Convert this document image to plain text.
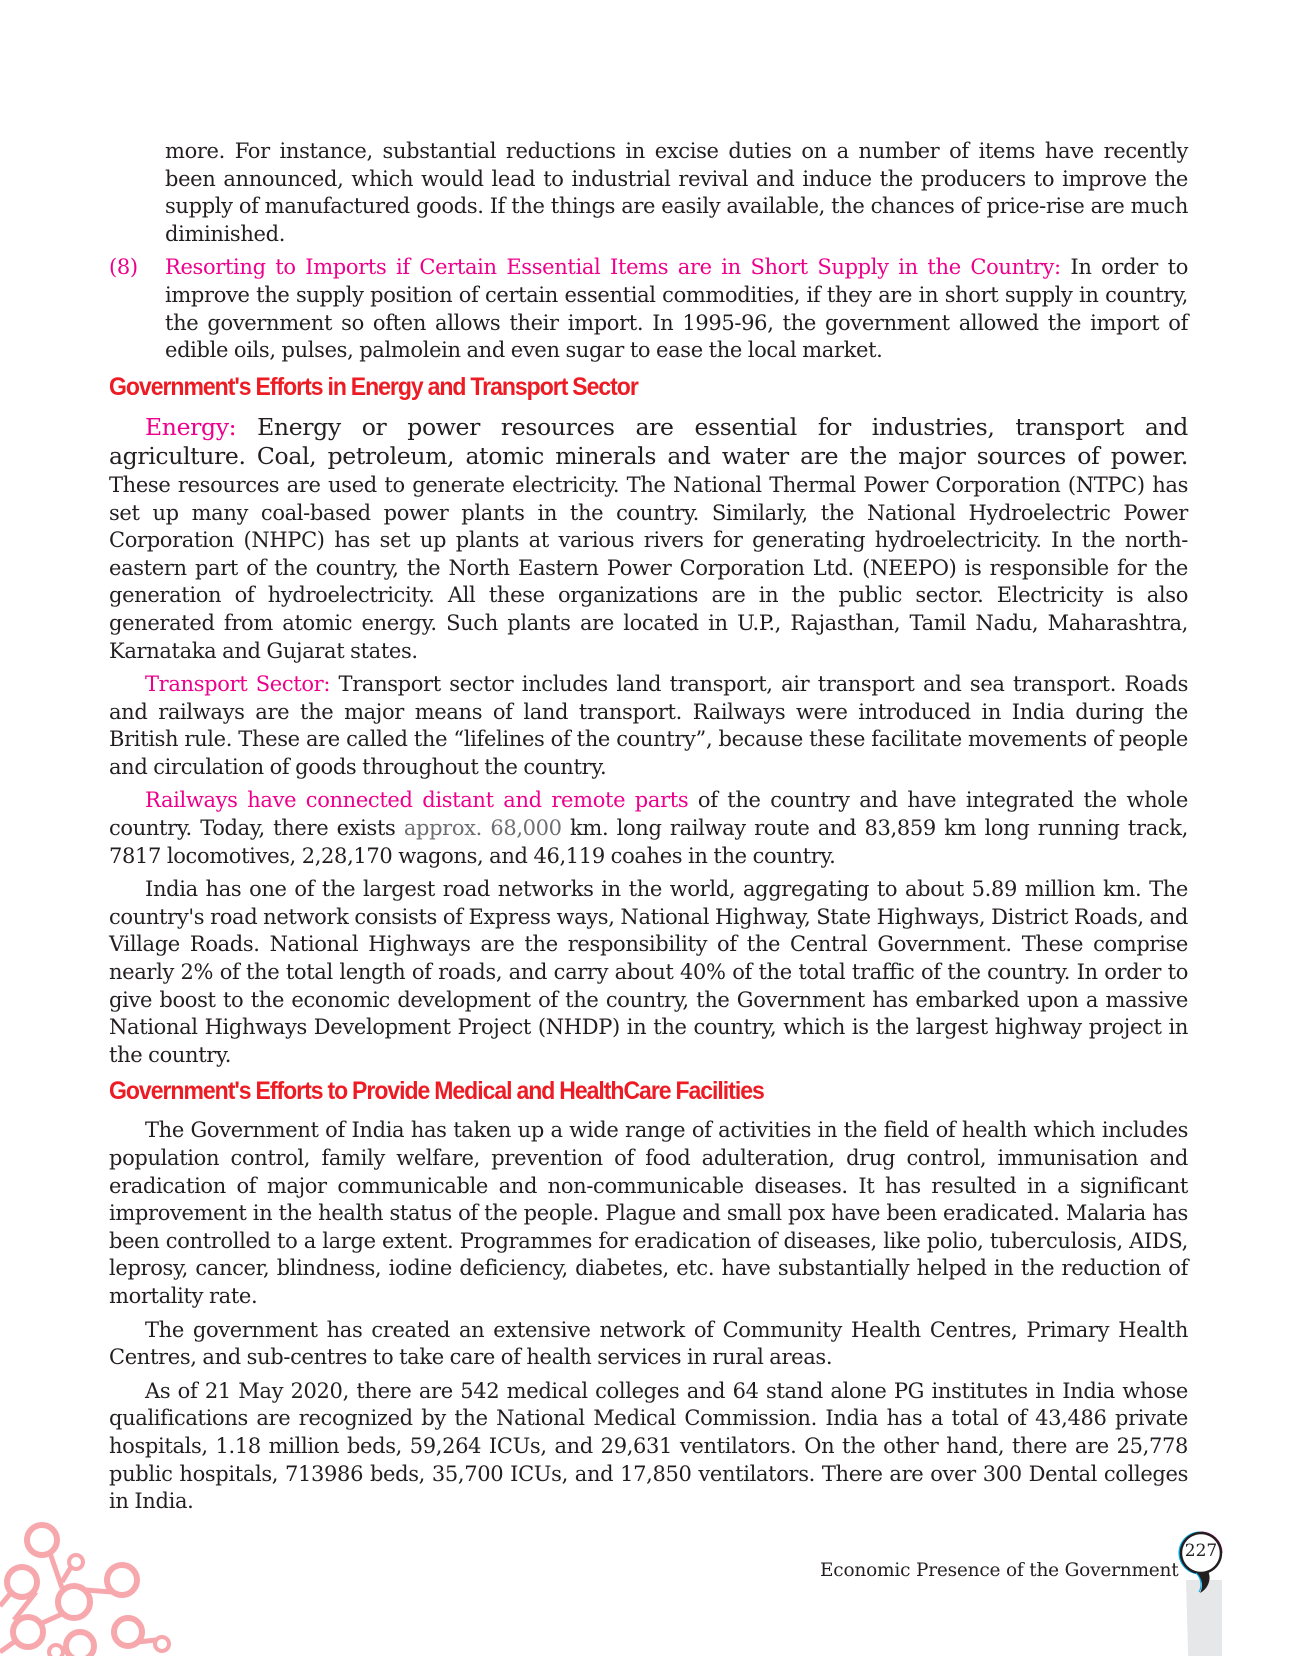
more. For instance, substantial reductions in excise duties on a number of items have recently been announced, which would lead to industrial revival and induce the producers to improve the supply of manufactured goods. If the things are easily available, the chances of price-rise are much diminished.

(8) Resorting to Imports if Certain Essential Items are in Short Supply in the Country: In order to improve the supply position of certain essential commodities, if they are in short supply in country, the government so often allows their import. In 1995-96, the government allowed the import of edible oils, pulses, palmolein and even sugar to ease the local market.

Government's Efforts in Energy and Transport Sector

Energy: Energy or power resources are essential for industries, transport and agriculture. Coal, petroleum, atomic minerals and water are the major sources of power. These resources are used to generate electricity. The National Thermal Power Corporation (NTPC) has set up many coal-based power plants in the country. Similarly, the National Hydroelectric Power Corporation (NHPC) has set up plants at various rivers for generating hydroelectricity. In the north-eastern part of the country, the North Eastern Power Corporation Ltd. (NEEPO) is responsible for the generation of hydroelectricity. All these organizations are in the public sector. Electricity is also generated from atomic energy. Such plants are located in U.P., Rajasthan, Tamil Nadu, Maharashtra, Karnataka and Gujarat states.

Transport Sector: Transport sector includes land transport, air transport and sea transport. Roads and railways are the major means of land transport. Railways were introduced in India during the British rule. These are called the “lifelines of the country”, because these facilitate movements of people and circulation of goods throughout the country.

Railways have connected distant and remote parts of the country and have integrated the whole country. Today, there exists approx. 68,000 km. long railway route and 83,859 km long running track, 7817 locomotives, 2,28,170 wagons, and 46,119 coahes in the country.

India has one of the largest road networks in the world, aggregating to about 5.89 million km. The country's road network consists of Express ways, National Highway, State Highways, District Roads, and Village Roads. National Highways are the responsibility of the Central Government. These comprise nearly 2% of the total length of roads, and carry about 40% of the total traffic of the country. In order to give boost to the economic development of the country, the Government has embarked upon a massive National Highways Development Project (NHDP) in the country, which is the largest highway project in the country.

Government's Efforts to Provide Medical and HealthCare Facilities

The Government of India has taken up a wide range of activities in the field of health which includes population control, family welfare, prevention of food adulteration, drug control, immunisation and eradication of major communicable and non-communicable diseases. It has resulted in a significant improvement in the health status of the people. Plague and small pox have been eradicated. Malaria has been controlled to a large extent. Programmes for eradication of diseases, like polio, tuberculosis, AIDS, leprosy, cancer, blindness, iodine deficiency, diabetes, etc. have substantially helped in the reduction of mortality rate.

The government has created an extensive network of Community Health Centres, Primary Health Centres, and sub-centres to take care of health services in rural areas.

As of 21 May 2020, there are 542 medical colleges and 64 stand alone PG institutes in India whose qualifications are recognized by the National Medical Commission. India has a total of 43,486 private hospitals, 1.18 million beds, 59,264 ICUs, and 29,631 ventilators. On the other hand, there are 25,778 public hospitals, 713986 beds, 35,700 ICUs, and 17,850 ventilators. There are over 300 Dental colleges in India.

Economic Presence of the Government
227
